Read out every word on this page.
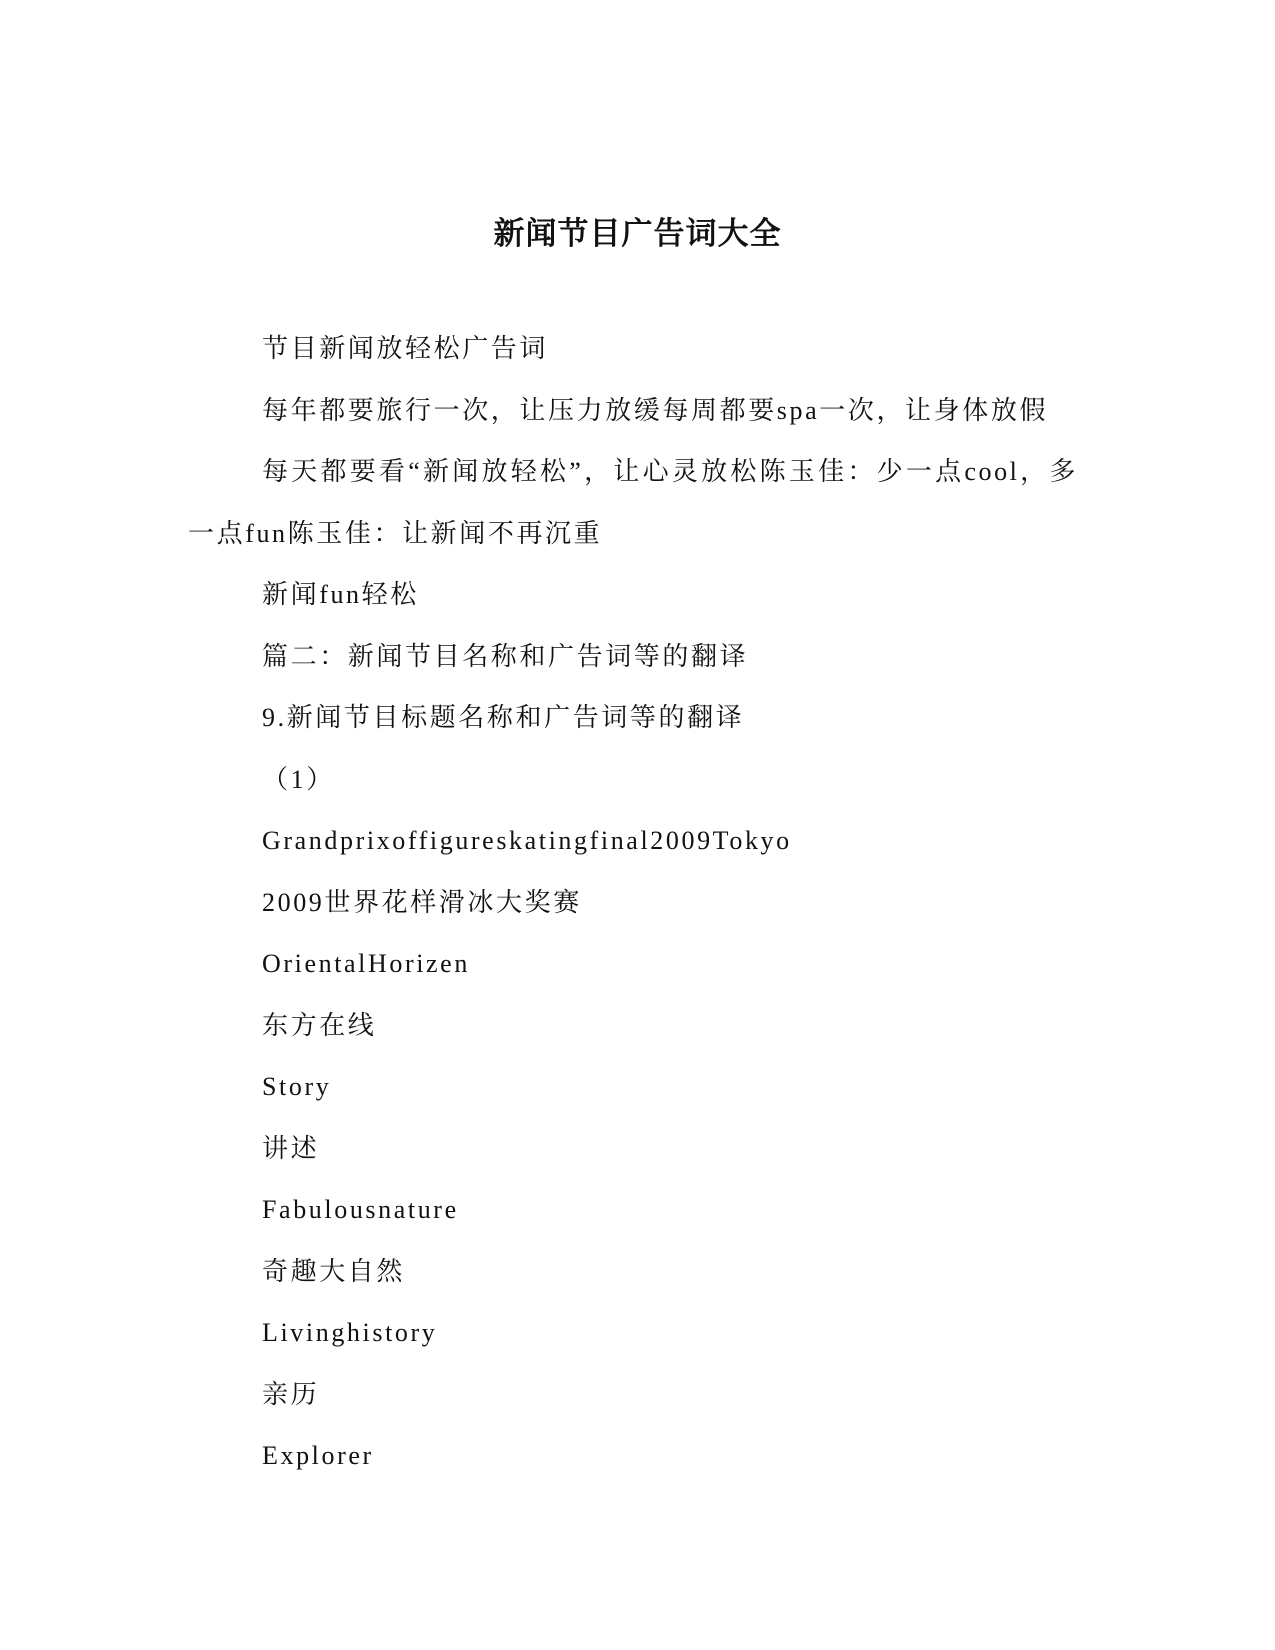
新闻节目广告词大全

节目新闻放轻松广告词

每年都要旅行一次，让压力放缓每周都要spa一次，让身体放假

每天都要看“新闻放轻松”，让心灵放松陈玉佳：少一点cool，多一点fun陈玉佳：让新闻不再沉重

新闻fun轻松

篇二：新闻节目名称和广告词等的翻译

9.新闻节目标题名称和广告词等的翻译

（1）

Grandprixoffigureskatingfinal2009Tokyo

2009世界花样滑冰大奖赛

OrientalHorizen

东方在线

Story

讲述

Fabulousnature

奇趣大自然

Livinghistory

亲历

Explorer
